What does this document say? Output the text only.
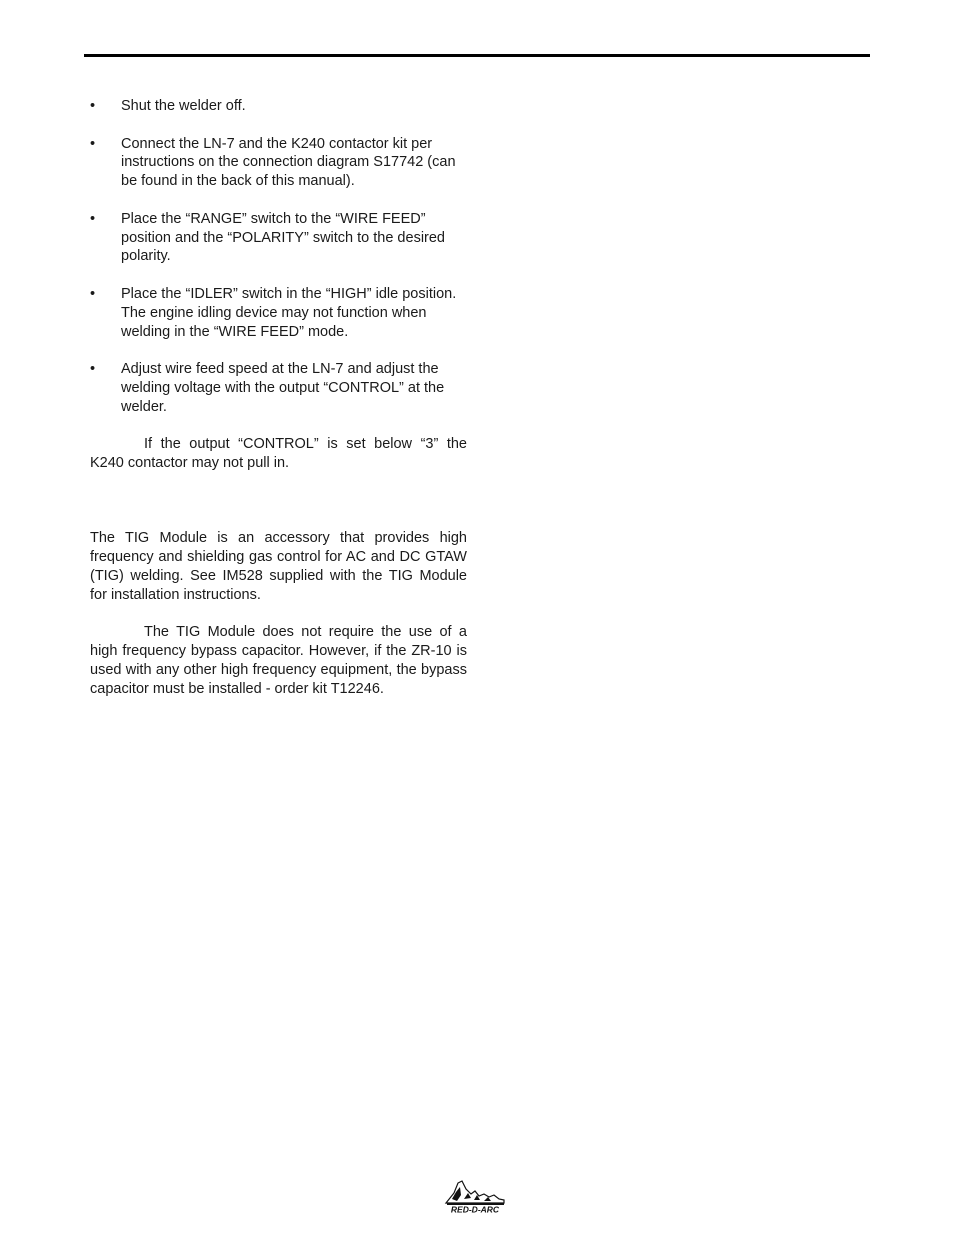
• Shut the welder off.

• Connect the LN-7 and the K240 contactor kit per instructions on the connection diagram S17742 (can be found in the back of this manual).

• Place the “RANGE” switch to the “WIRE FEED” position and the “POLARITY” switch to the desired polarity.

• Place the “IDLER” switch in the “HIGH” idle position. The engine idling device may not function when welding in the “WIRE FEED” mode.

• Adjust wire feed speed at the LN-7 and adjust the welding voltage with the output “CONTROL” at the welder.

If the output “CONTROL” is set below “3” the K240 contactor may not pull in.

The TIG Module is an accessory that provides high frequency and shielding gas control for AC and DC GTAW (TIG) welding. See IM528 supplied with the TIG Module for installation instructions.

The TIG Module does not require the use of a high frequency bypass capacitor. However, if the ZR-10 is used with any other high frequency equipment, the bypass capacitor must be installed - order kit T12246.

RED-D-ARC
